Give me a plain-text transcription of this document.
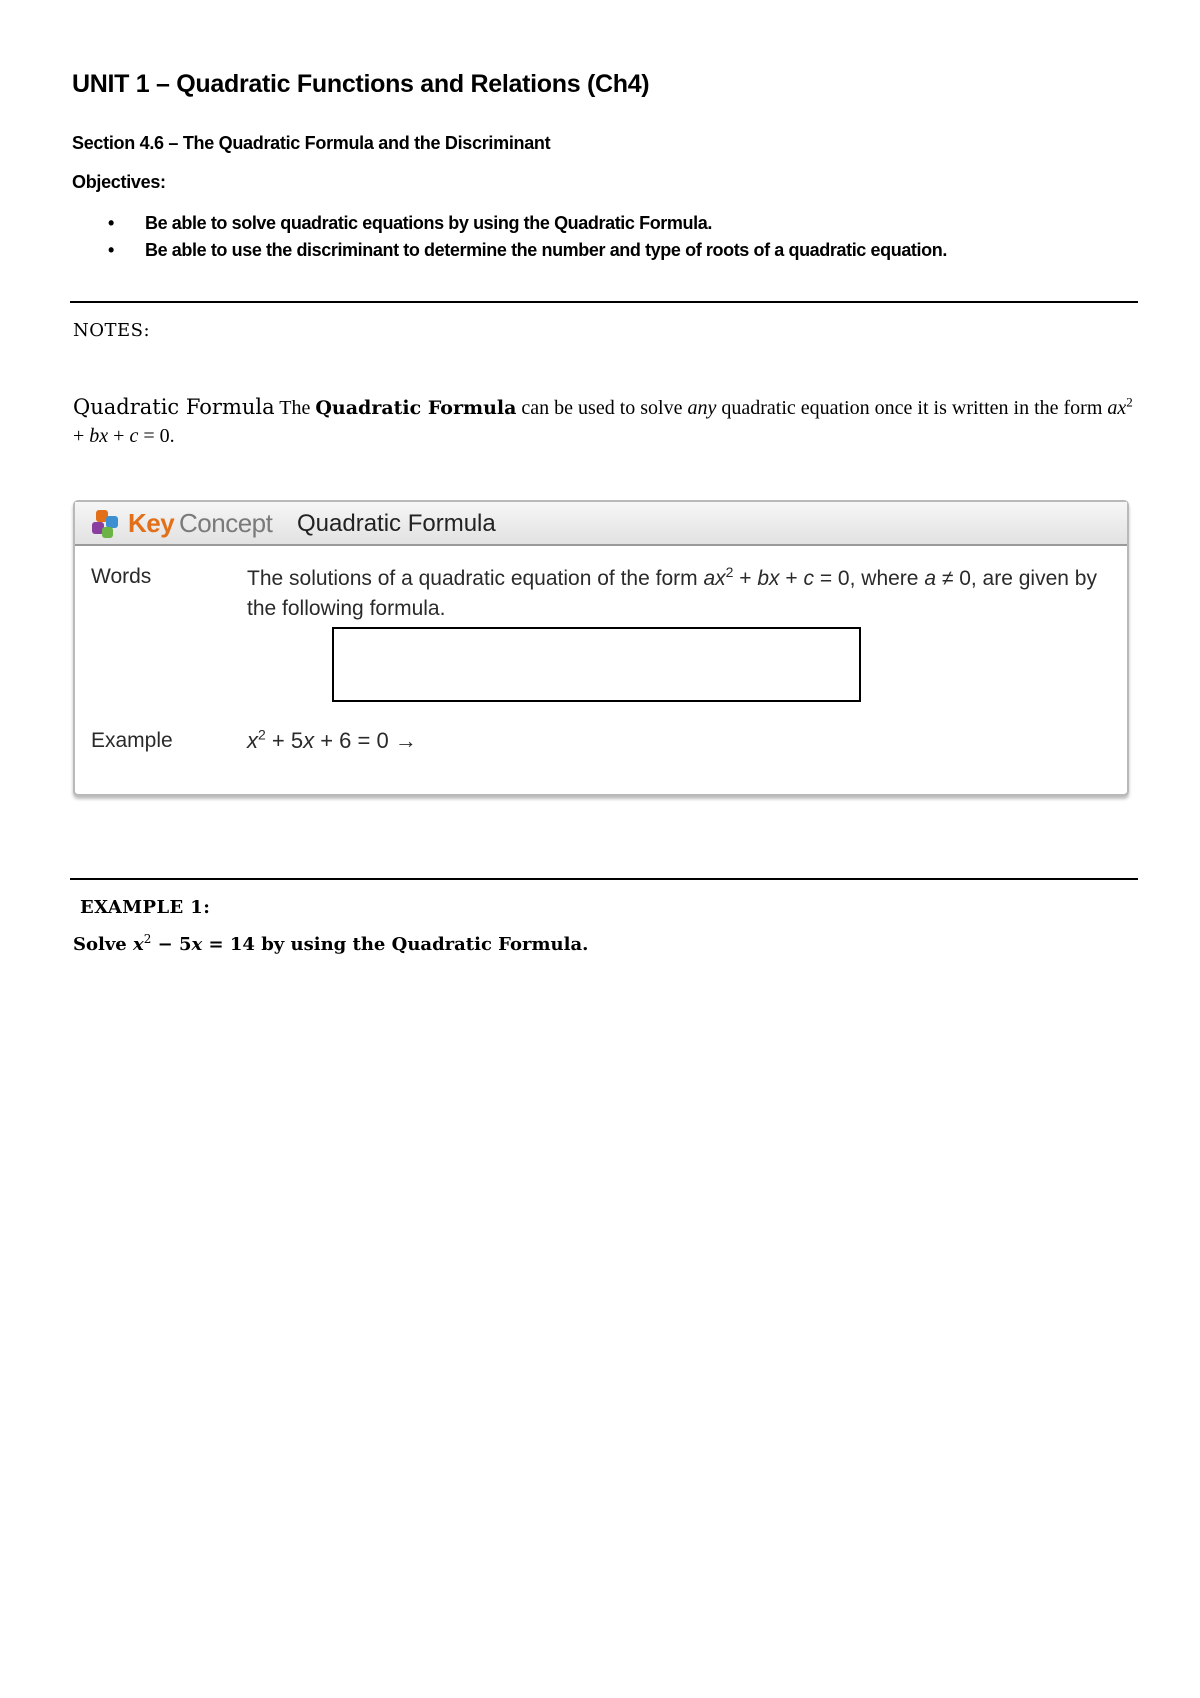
UNIT 1 – Quadratic Functions and Relations (Ch4)
Section 4.6 – The Quadratic Formula and the Discriminant
Objectives:
• Be able to solve quadratic equations by using the Quadratic Formula.
• Be able to use the discriminant to determine the number and type of roots of a quadratic equation.
NOTES:
Quadratic Formula The Quadratic Formula can be used to solve any quadratic equation once it is written in the form $ax^2$ + bx + c = 0.
Key Concept Quadratic Formula
Words	The solutions of a quadratic equation of the form $ax^2$ + bx + c = 0, where a ≠ 0, are given by the following formula.
Example	$x^2 + 5x + 6 = 0$ →
EXAMPLE 1:
Solve $x^2 - 5x = 14$ by using the Quadratic Formula.
